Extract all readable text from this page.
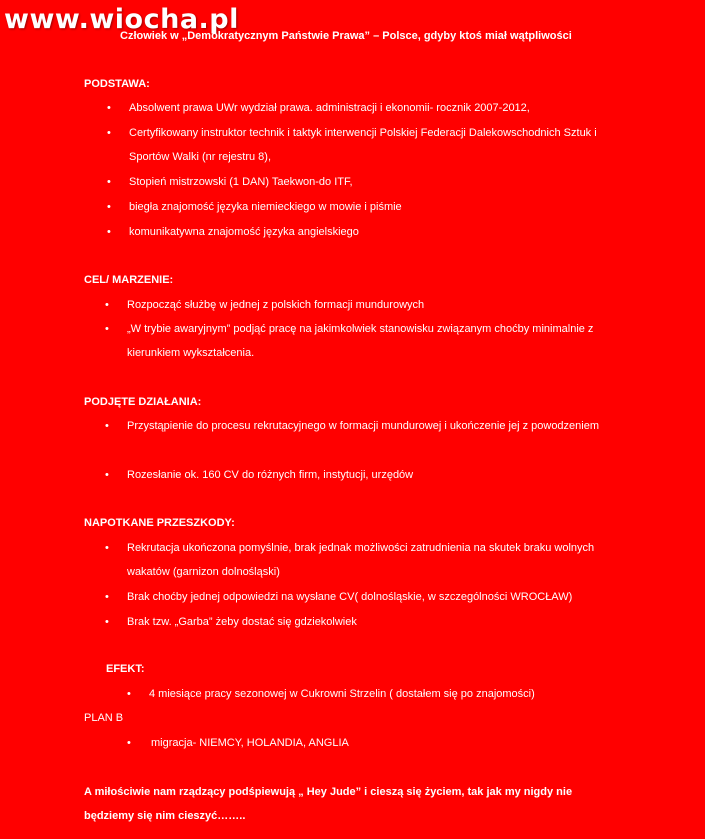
www.wiocha.pl
Człowiek w „Demokratycznym Państwie Prawa” – Polsce, gdyby ktoś miał wątpliwości
PODSTAWA:
• Absolwent prawa UWr wydział prawa. administracji i ekonomii- rocznik 2007-2012,
• Certyfikowany instruktor technik i taktyk interwencji Polskiej Federacji Dalekowschodnich Sztuk i Sportów Walki (nr rejestru 8),
• Stopień mistrzowski (1 DAN) Taekwon-do ITF,
• biegła znajomość języka niemieckiego w mowie i piśmie
• komunikatywna znajomość języka angielskiego
CEL/ MARZENIE:
• Rozpocząć służbę w jednej z polskich formacji mundurowych
• „W trybie awaryjnym” podjąć pracę na jakimkolwiek stanowisku związanym choćby minimalnie z kierunkiem wykształcenia.
PODJĘTE DZIAŁANIA:
• Przystąpienie do procesu rekrutacyjnego w formacji mundurowej i ukończenie jej z powodzeniem
• Rozesłanie ok. 160 CV do różnych firm, instytucji, urzędów
NAPOTKANE PRZESZKODY:
• Rekrutacja ukończona pomyślnie, brak jednak możliwości zatrudnienia na skutek braku wolnych wakatów (garnizon dolnośląski)
• Brak choćby jednej odpowiedzi na wysłane CV( dolnośląskie, w szczególności WROCŁAW)
• Brak tzw. „Garba” żeby dostać się gdziekolwiek
EFEKT:
• 4 miesiące pracy sezonowej w Cukrowni Strzelin ( dostałem się po znajomości)
PLAN B
• migracja- NIEMCY, HOLANDIA, ANGLIA
A miłościwie nam rządzący podśpiewują „ Hey Jude” i cieszą się życiem, tak jak my nigdy nie będziemy się nim cieszyć……..
